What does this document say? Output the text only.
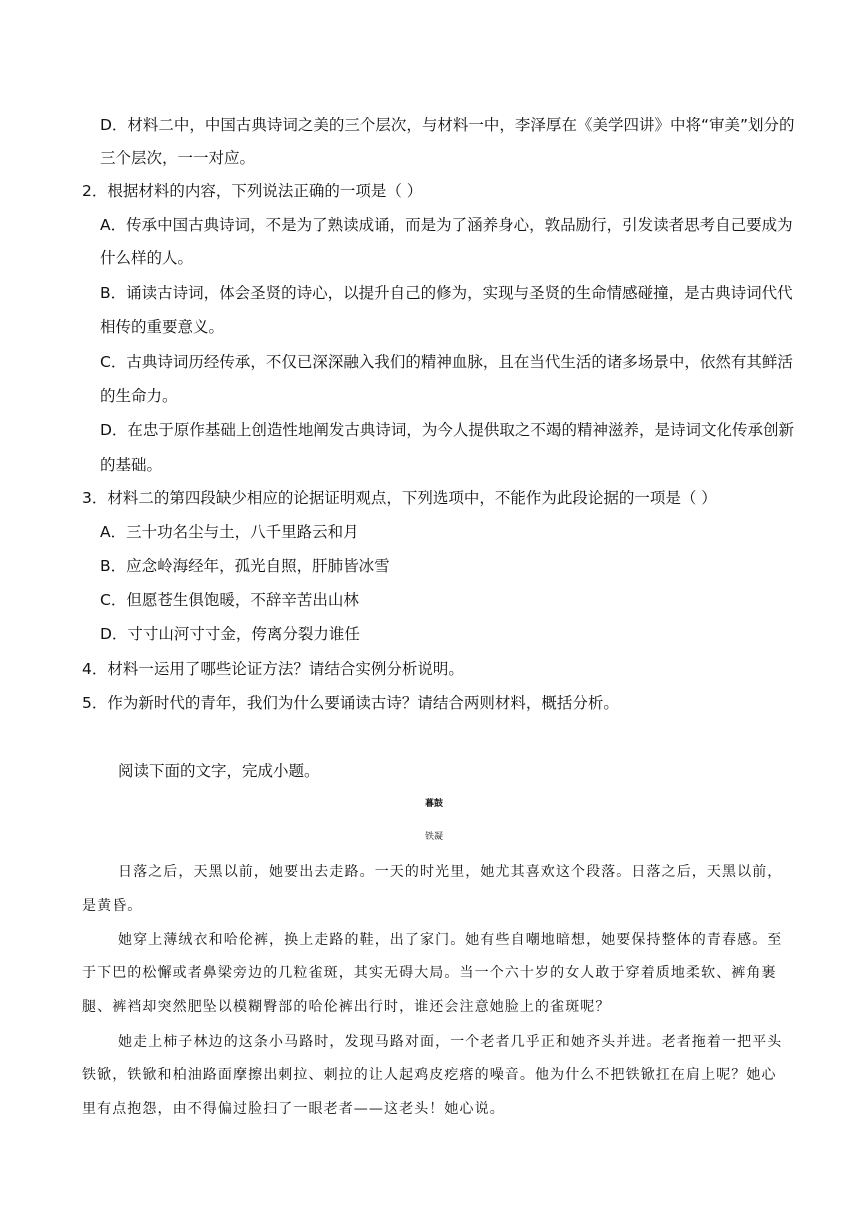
D．材料二中，中国古典诗词之美的三个层次，与材料一中，李泽厚在《美学四讲》中将“审美”划分的
三个层次，一一对应。
2．根据材料的内容，下列说法正确的一项是（ ）
A．传承中国古典诗词，不是为了熟读成诵，而是为了涵养身心，敦品励行，引发读者思考自己要成为
什么样的人。
B．诵读古诗词，体会圣贤的诗心，以提升自己的修为，实现与圣贤的生命情感碰撞，是古典诗词代代
相传的重要意义。
C．古典诗词历经传承，不仅已深深融入我们的精神血脉，且在当代生活的诸多场景中，依然有其鲜活
的生命力。
D．在忠于原作基础上创造性地阐发古典诗词，为今人提供取之不竭的精神滋养，是诗词文化传承创新
的基础。
3．材料二的第四段缺少相应的论据证明观点，下列选项中，不能作为此段论据的一项是（ ）
A．三十功名尘与土，八千里路云和月
B．应念岭海经年，孤光自照，肝肺皆冰雪
C．但愿苍生俱饱暖，不辞辛苦出山林
D．寸寸山河寸寸金，侉离分裂力谁任
4．材料一运用了哪些论证方法？请结合实例分析说明。
5．作为新时代的青年，我们为什么要诵读古诗？请结合两则材料，概括分析。
阅读下面的文字，完成小题。
暮鼓
铁凝
日落之后，天黑以前，她要出去走路。一天的时光里，她尤其喜欢这个段落。日落之后，天黑以前，
是黄昏。
她穿上薄绒衣和哈伦裤，换上走路的鞋，出了家门。她有些自嘲地暗想，她要保持整体的青春感。至
于下巴的松懈或者鼻梁旁边的几粒雀斑，其实无碍大局。当一个六十岁的女人敢于穿着质地柔软、裤角裹
腿、裤裆却突然肥坠以模糊臀部的哈伦裤出行时，谁还会注意她脸上的雀斑呢？
她走上柿子林边的这条小马路时，发现马路对面，一个老者几乎正和她齐头并进。老者拖着一把平头
铁锨，铁锨和柏油路面摩擦出刺拉、刺拉的让人起鸡皮疙瘩的噪音。他为什么不把铁锨扛在肩上呢？她心
里有点抱怨，由不得偏过脸扫了一眼老者——这老头！她心说。
